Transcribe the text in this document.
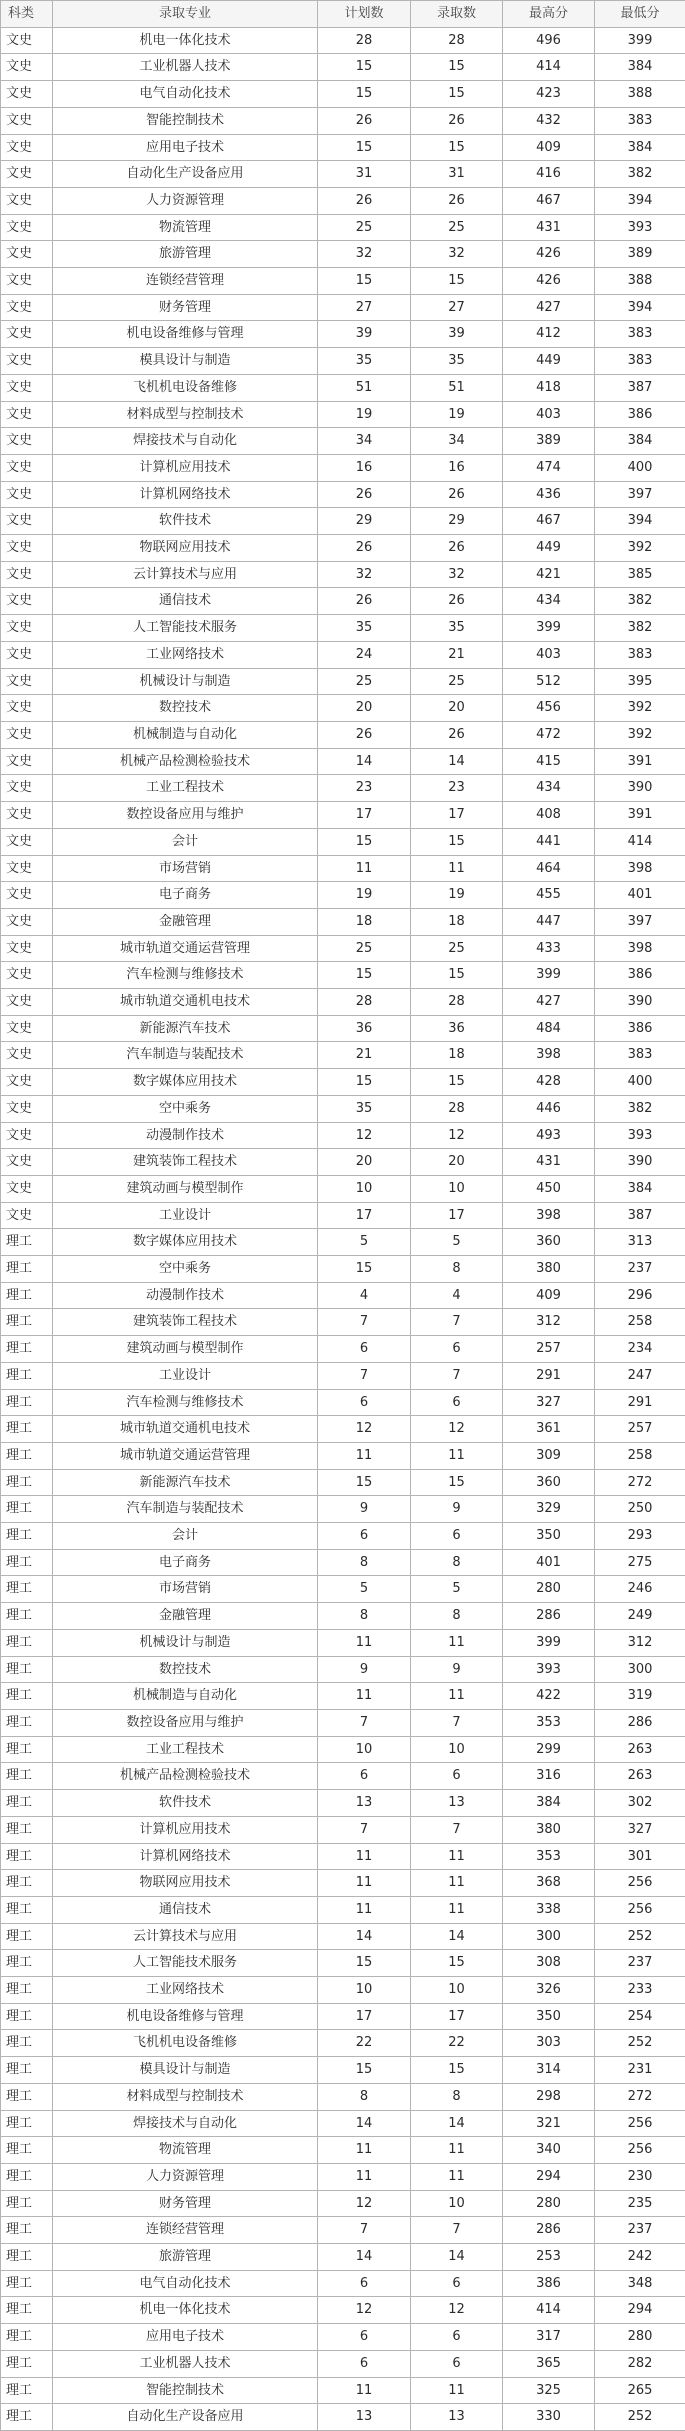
科类	录取专业	计划数	录取数	最高分	最低分
文史	机电一体化技术	28	28	496	399
文史	工业机器人技术	15	15	414	384
文史	电气自动化技术	15	15	423	388
文史	智能控制技术	26	26	432	383
文史	应用电子技术	15	15	409	384
文史	自动化生产设备应用	31	31	416	382
文史	人力资源管理	26	26	467	394
文史	物流管理	25	25	431	393
文史	旅游管理	32	32	426	389
文史	连锁经营管理	15	15	426	388
文史	财务管理	27	27	427	394
文史	机电设备维修与管理	39	39	412	383
文史	模具设计与制造	35	35	449	383
文史	飞机机电设备维修	51	51	418	387
文史	材料成型与控制技术	19	19	403	386
文史	焊接技术与自动化	34	34	389	384
文史	计算机应用技术	16	16	474	400
文史	计算机网络技术	26	26	436	397
文史	软件技术	29	29	467	394
文史	物联网应用技术	26	26	449	392
文史	云计算技术与应用	32	32	421	385
文史	通信技术	26	26	434	382
文史	人工智能技术服务	35	35	399	382
文史	工业网络技术	24	21	403	383
文史	机械设计与制造	25	25	512	395
文史	数控技术	20	20	456	392
文史	机械制造与自动化	26	26	472	392
文史	机械产品检测检验技术	14	14	415	391
文史	工业工程技术	23	23	434	390
文史	数控设备应用与维护	17	17	408	391
文史	会计	15	15	441	414
文史	市场营销	11	11	464	398
文史	电子商务	19	19	455	401
文史	金融管理	18	18	447	397
文史	城市轨道交通运营管理	25	25	433	398
文史	汽车检测与维修技术	15	15	399	386
文史	城市轨道交通机电技术	28	28	427	390
文史	新能源汽车技术	36	36	484	386
文史	汽车制造与装配技术	21	18	398	383
文史	数字媒体应用技术	15	15	428	400
文史	空中乘务	35	28	446	382
文史	动漫制作技术	12	12	493	393
文史	建筑装饰工程技术	20	20	431	390
文史	建筑动画与模型制作	10	10	450	384
文史	工业设计	17	17	398	387
理工	数字媒体应用技术	5	5	360	313
理工	空中乘务	15	8	380	237
理工	动漫制作技术	4	4	409	296
理工	建筑装饰工程技术	7	7	312	258
理工	建筑动画与模型制作	6	6	257	234
理工	工业设计	7	7	291	247
理工	汽车检测与维修技术	6	6	327	291
理工	城市轨道交通机电技术	12	12	361	257
理工	城市轨道交通运营管理	11	11	309	258
理工	新能源汽车技术	15	15	360	272
理工	汽车制造与装配技术	9	9	329	250
理工	会计	6	6	350	293
理工	电子商务	8	8	401	275
理工	市场营销	5	5	280	246
理工	金融管理	8	8	286	249
理工	机械设计与制造	11	11	399	312
理工	数控技术	9	9	393	300
理工	机械制造与自动化	11	11	422	319
理工	数控设备应用与维护	7	7	353	286
理工	工业工程技术	10	10	299	263
理工	机械产品检测检验技术	6	6	316	263
理工	软件技术	13	13	384	302
理工	计算机应用技术	7	7	380	327
理工	计算机网络技术	11	11	353	301
理工	物联网应用技术	11	11	368	256
理工	通信技术	11	11	338	256
理工	云计算技术与应用	14	14	300	252
理工	人工智能技术服务	15	15	308	237
理工	工业网络技术	10	10	326	233
理工	机电设备维修与管理	17	17	350	254
理工	飞机机电设备维修	22	22	303	252
理工	模具设计与制造	15	15	314	231
理工	材料成型与控制技术	8	8	298	272
理工	焊接技术与自动化	14	14	321	256
理工	物流管理	11	11	340	256
理工	人力资源管理	11	11	294	230
理工	财务管理	12	10	280	235
理工	连锁经营管理	7	7	286	237
理工	旅游管理	14	14	253	242
理工	电气自动化技术	6	6	386	348
理工	机电一体化技术	12	12	414	294
理工	应用电子技术	6	6	317	280
理工	工业机器人技术	6	6	365	282
理工	智能控制技术	11	11	325	265
理工	自动化生产设备应用	13	13	330	252
